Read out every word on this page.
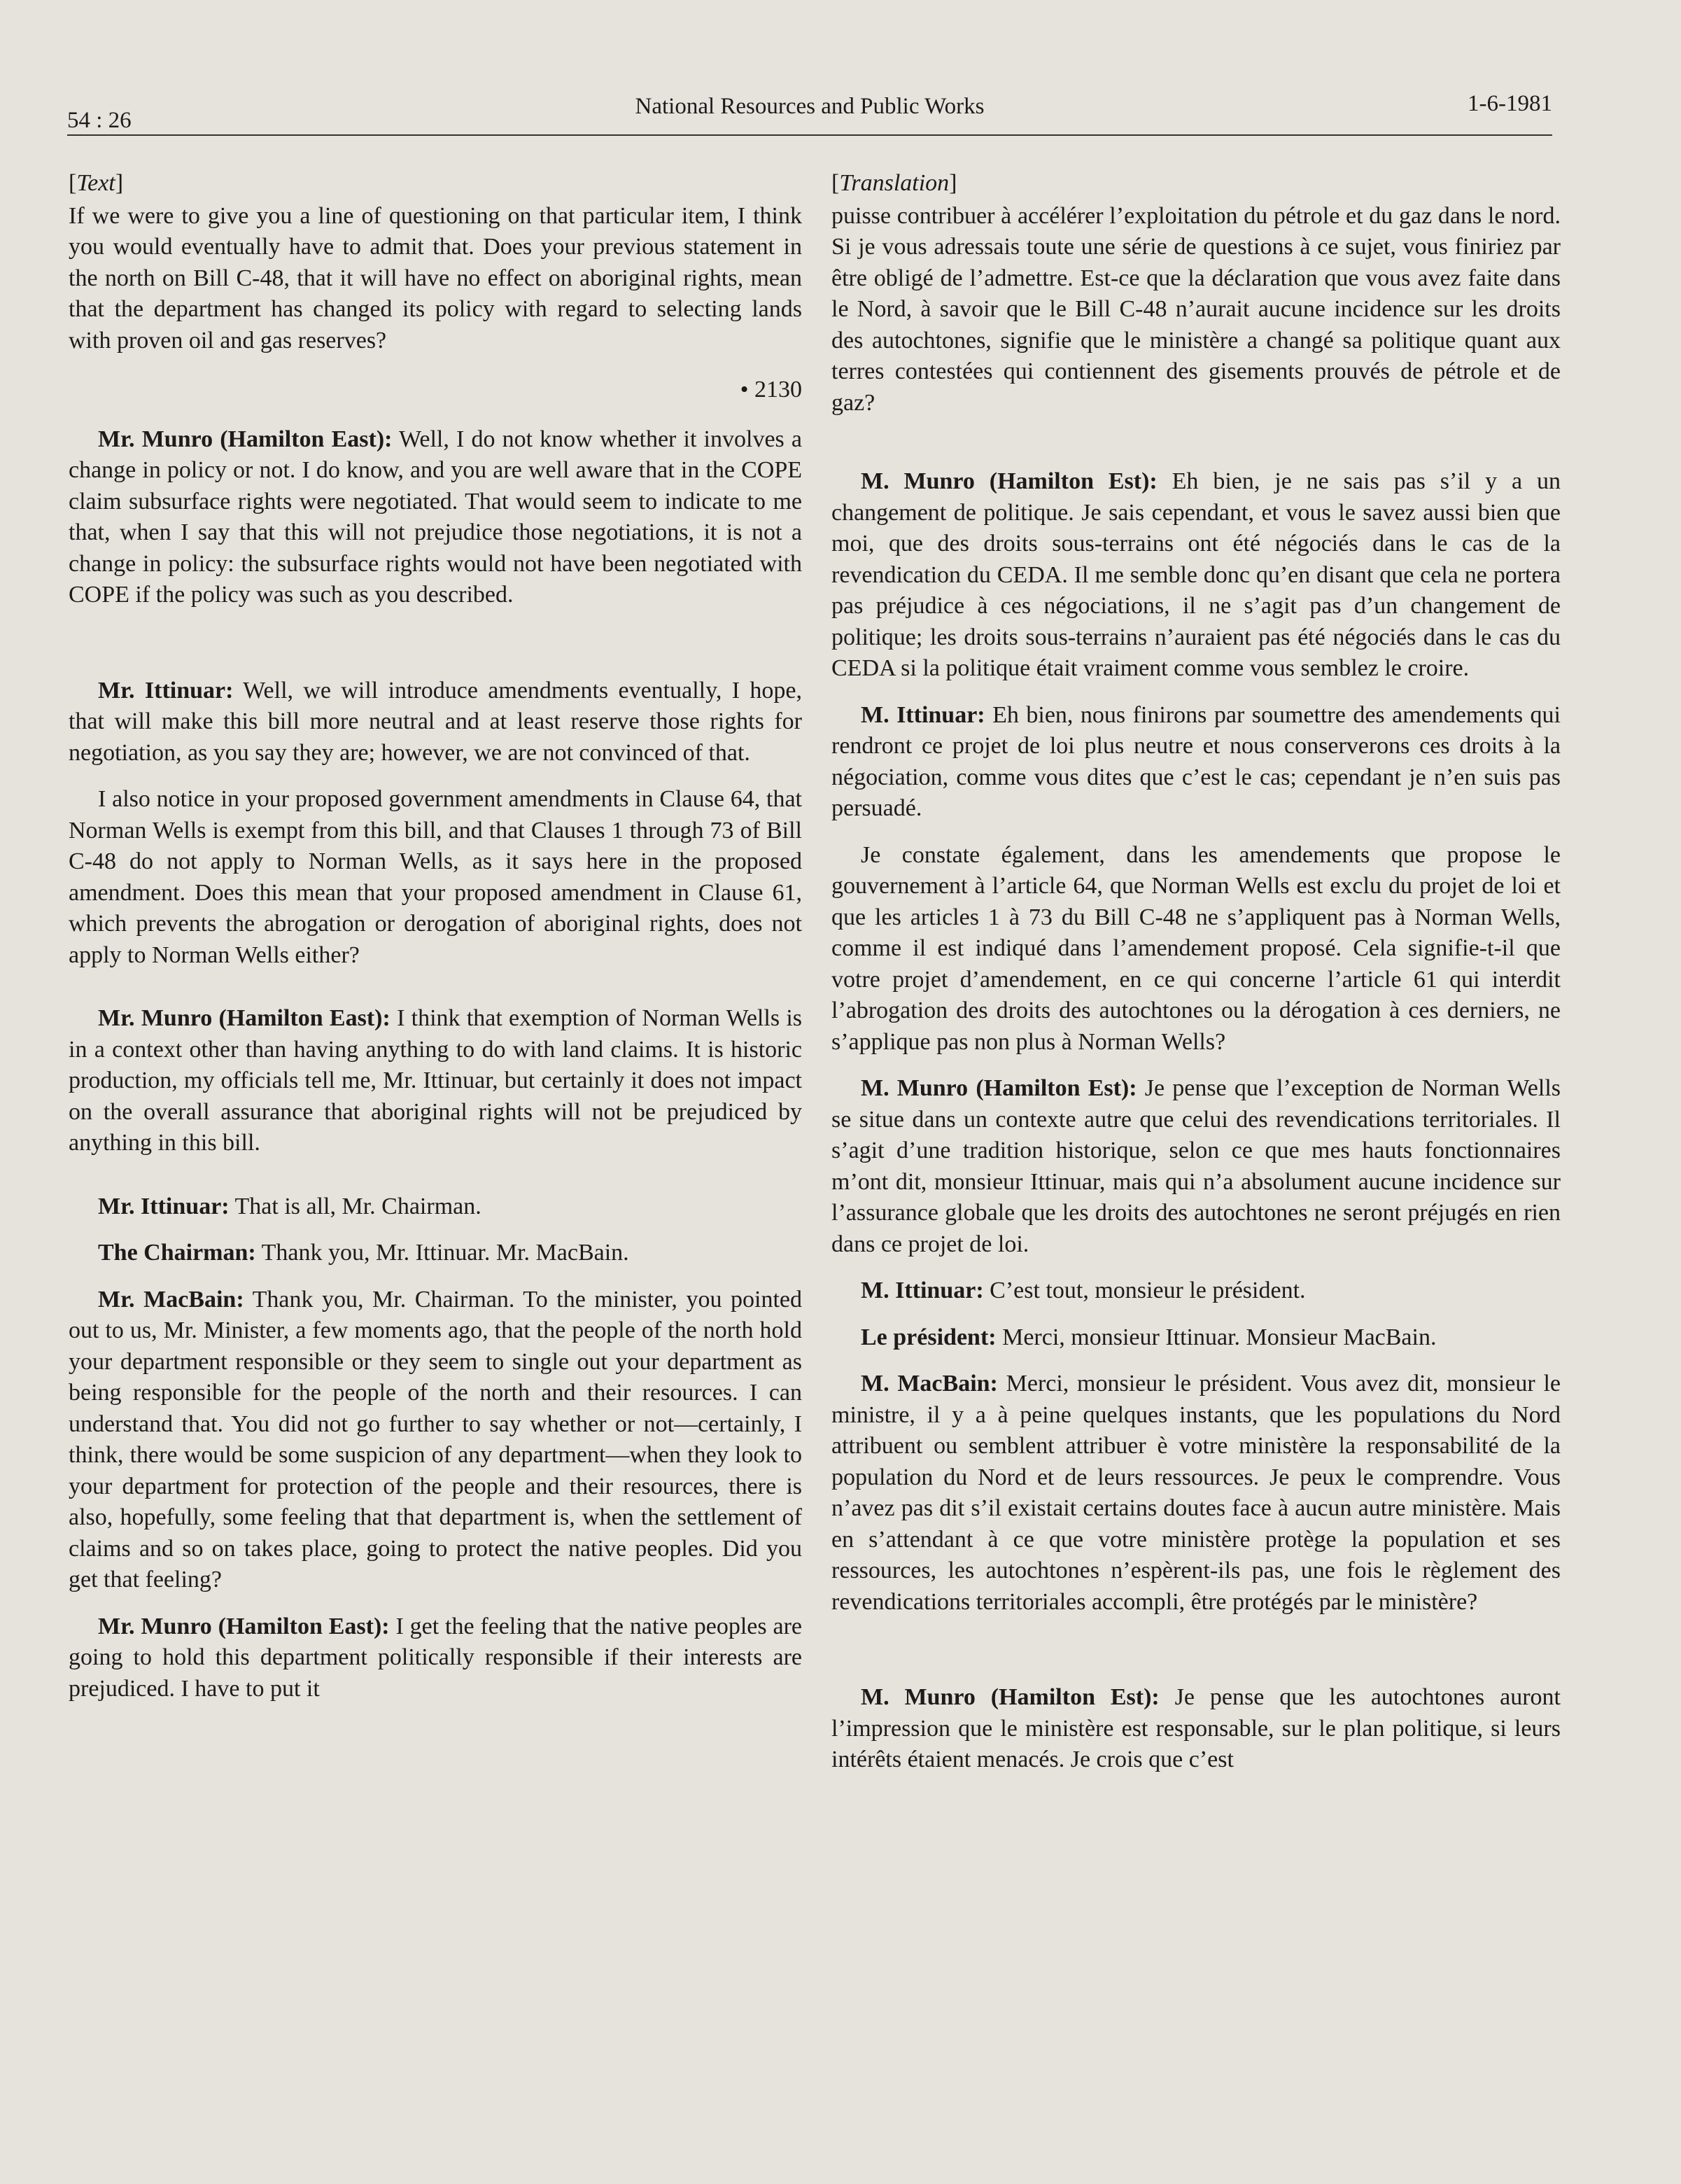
54 : 26
National Resources and Public Works	1-6-1981

[Text]

If we were to give you a line of questioning on that particular item, I think you would eventually have to admit that. Does your previous statement in the north on Bill C-48, that it will have no effect on aboriginal rights, mean that the department has changed its policy with regard to selecting lands with proven oil and gas reserves?

• 2130

Mr. Munro (Hamilton East): Well, I do not know whether it involves a change in policy or not. I do know, and you are well aware that in the COPE claim subsurface rights were negotiated. That would seem to indicate to me that, when I say that this will not prejudice those negotiations, it is not a change in policy: the subsurface rights would not have been negotiated with COPE if the policy was such as you described.

Mr. Ittinuar: Well, we will introduce amendments eventually, I hope, that will make this bill more neutral and at least reserve those rights for negotiation, as you say they are; however, we are not convinced of that.

I also notice in your proposed government amendments in Clause 64, that Norman Wells is exempt from this bill, and that Clauses 1 through 73 of Bill C-48 do not apply to Norman Wells, as it says here in the proposed amendment. Does this mean that your proposed amendment in Clause 61, which prevents the abrogation or derogation of aboriginal rights, does not apply to Norman Wells either?

Mr. Munro (Hamilton East): I think that exemption of Norman Wells is in a context other than having anything to do with land claims. It is historic production, my officials tell me, Mr. Ittinuar, but certainly it does not impact on the overall assurance that aboriginal rights will not be prejudiced by anything in this bill.

Mr. Ittinuar: That is all, Mr. Chairman.

The Chairman: Thank you, Mr. Ittinuar. Mr. MacBain.

Mr. MacBain: Thank you, Mr. Chairman. To the minister, you pointed out to us, Mr. Minister, a few moments ago, that the people of the north hold your department responsible or they seem to single out your department as being responsible for the people of the north and their resources. I can understand that. You did not go further to say whether or not—certainly, I think, there would be some suspicion of any department—when they look to your department for protection of the people and their resources, there is also, hopefully, some feeling that that department is, when the settlement of claims and so on takes place, going to protect the native peoples. Did you get that feeling?

Mr. Munro (Hamilton East): I get the feeling that the native peoples are going to hold this department politically responsible if their interests are prejudiced. I have to put it

[Translation]

puisse contribuer à accélérer l’exploitation du pétrole et du gaz dans le nord. Si je vous adressais toute une série de questions à ce sujet, vous finiriez par être obligé de l’admettre. Est-ce que la déclaration que vous avez faite dans le Nord, à savoir que le Bill C-48 n’aurait aucune incidence sur les droits des autochtones, signifie que le ministère a changé sa politique quant aux terres contestées qui contiennent des gisements prouvés de pétrole et de gaz?

M. Munro (Hamilton Est): Eh bien, je ne sais pas s’il y a un changement de politique. Je sais cependant, et vous le savez aussi bien que moi, que des droits sous-terrains ont été négociés dans le cas de la revendication du CEDA. Il me semble donc qu’en disant que cela ne portera pas préjudice à ces négociations, il ne s’agit pas d’un changement de politique; les droits sous-terrains n’auraient pas été négociés dans le cas du CEDA si la politique était vraiment comme vous semblez le croire.

M. Ittinuar: Eh bien, nous finirons par soumettre des amendements qui rendront ce projet de loi plus neutre et nous conserverons ces droits à la négociation, comme vous dites que c’est le cas; cependant je n’en suis pas persuadé.

Je constate également, dans les amendements que propose le gouvernement à l’article 64, que Norman Wells est exclu du projet de loi et que les articles 1 à 73 du Bill C-48 ne s’appliquent pas à Norman Wells, comme il est indiqué dans l’amendement proposé. Cela signifie-t-il que votre projet d’amendement, en ce qui concerne l’article 61 qui interdit l’abrogation des droits des autochtones ou la dérogation à ces derniers, ne s’applique pas non plus à Norman Wells?

M. Munro (Hamilton Est): Je pense que l’exception de Norman Wells se situe dans un contexte autre que celui des revendications territoriales. Il s’agit d’une tradition historique, selon ce que mes hauts fonctionnaires m’ont dit, monsieur Ittinuar, mais qui n’a absolument aucune incidence sur l’assurance globale que les droits des autochtones ne seront préjugés en rien dans ce projet de loi.

M. Ittinuar: C’est tout, monsieur le président.

Le président: Merci, monsieur Ittinuar. Monsieur MacBain.

M. MacBain: Merci, monsieur le président. Vous avez dit, monsieur le ministre, il y a à peine quelques instants, que les populations du Nord attribuent ou semblent attribuer è votre ministère la responsabilité de la population du Nord et de leurs ressources. Je peux le comprendre. Vous n’avez pas dit s’il existait certains doutes face à aucun autre ministère. Mais en s’attendant à ce que votre ministère protège la population et ses ressources, les autochtones n’espèrent-ils pas, une fois le règlement des revendications territoriales accompli, être protégés par le ministère?

M. Munro (Hamilton Est): Je pense que les autochtones auront l’impression que le ministère est responsable, sur le plan politique, si leurs intérêts étaient menacés. Je crois que c’est
